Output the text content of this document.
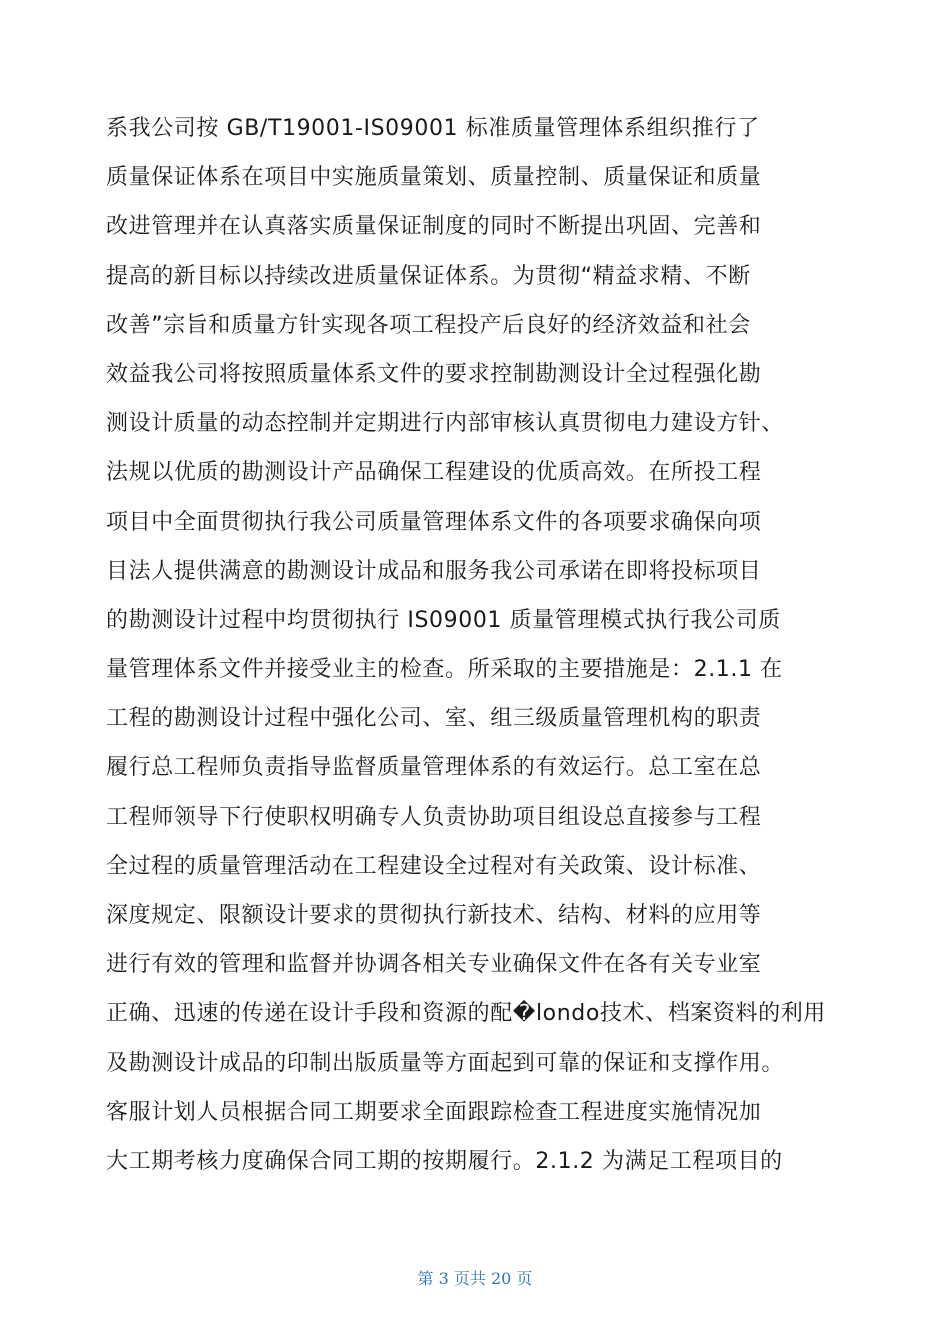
系我公司按 GB/T19001-IS09001 标准质量管理体系组织推行了
质量保证体系在项目中实施质量策划、质量控制、质量保证和质量
改进管理并在认真落实质量保证制度的同时不断提出巩固、完善和
提高的新目标以持续改进质量保证体系。为贯彻“精益求精、不断
改善”宗旨和质量方针实现各项工程投产后良好的经济效益和社会
效益我公司将按照质量体系文件的要求控制勘测设计全过程强化勘
测设计质量的动态控制并定期进行内部审核认真贯彻电力建设方针、
法规以优质的勘测设计产品确保工程建设的优质高效。在所投工程
项目中全面贯彻执行我公司质量管理体系文件的各项要求确保向项
目法人提供满意的勘测设计成品和服务我公司承诺在即将投标项目
的勘测设计过程中均贯彻执行 IS09001 质量管理模式执行我公司质
量管理体系文件并接受业主的检查。所采取的主要措施是：2.1.1 在
工程的勘测设计过程中强化公司、室、组三级质量管理机构的职责
履行总工程师负责指导监督质量管理体系的有效运行。总工室在总
工程师领导下行使职权明确专人负责协助项目组设总直接参与工程
全过程的质量管理活动在工程建设全过程对有关政策、设计标准、
深度规定、限额设计要求的贯彻执行新技术、结构、材料的应用等
进行有效的管理和监督并协调各相关专业确保文件在各有关专业室
正确、迅速的传递在设计手段和资源的配�londo技术、档案资料的利用
及勘测设计成品的印制出版质量等方面起到可靠的保证和支撑作用。
客服计划人员根据合同工期要求全面跟踪检查工程进度实施情况加
大工期考核力度确保合同工期的按期履行。2.1.2 为满足工程项目的
第 3 页共 20 页
